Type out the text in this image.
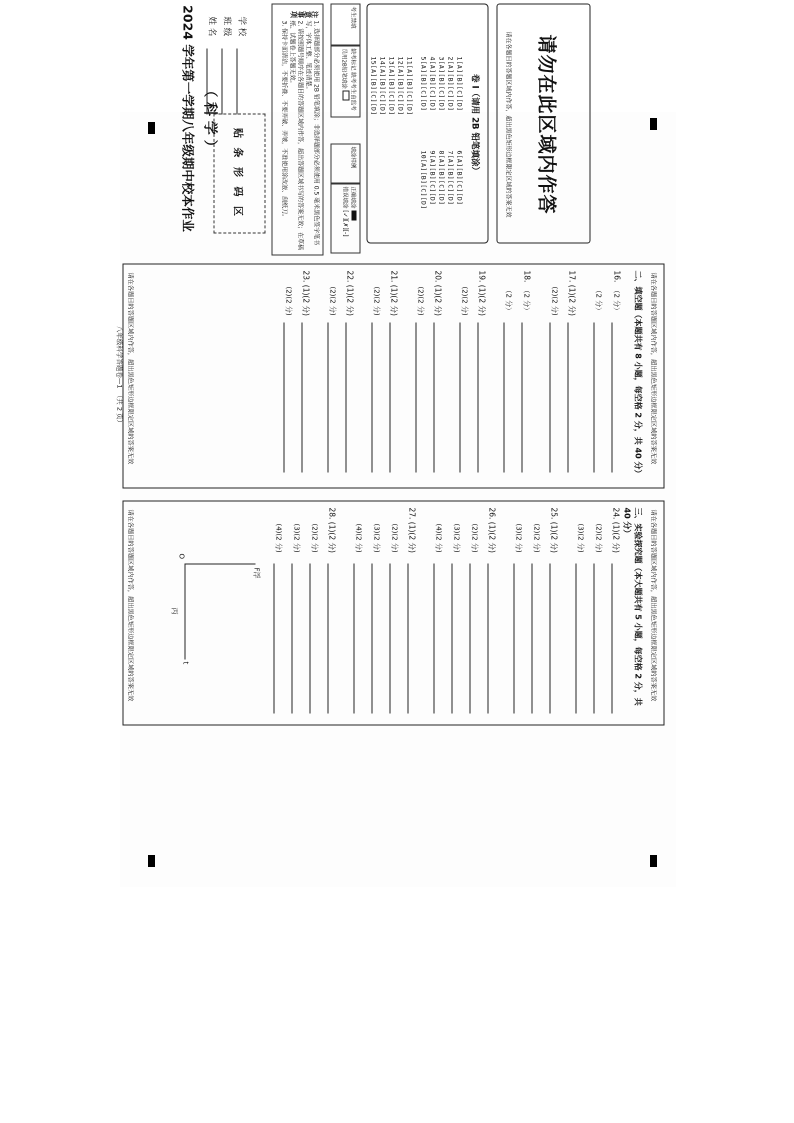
2024 学年第一学期八年级期中校本作业 （ 科 学 ）
学 校
班 级
姓 名
贴 条 形 码 区
注意事项
1. 选择题部分必须使用 2B 铅笔填涂；非选择题部分必须使用 0.5 毫米黑色签字笔书写，字体工整、笔迹清楚。
2. 请按照题号顺序在各题目的答题区域内作答，超出答题区域书写的答案无效；在草稿纸、试题卷上答题无效。
3. 保持卡面清洁，不要折叠、不要弄破、弄皱，不准使用涂改液、刮纸刀。
考生禁填
缺考标记 缺考考生由监考员用2B铅笔填涂
填涂样例
正确填涂
错误填涂 [✓][✗][-]
卷 Ⅰ（请用 2B 铅笔填涂）
1[A][B][C][D]
2[A][B][C][D]
3[A][B][C][D]
4[A][B][C][D]
5[A][B][C][D]
6[A][B][C][D]
7[A][B][C][D]
8[A][B][C][D]
9[A][B][C][D]
10[A][B][C][D]
11[A][B][C][D]
12[A][B][C][D]
13[A][B][C][D]
14[A][B][C][D]
15[A][B][C][D]	请勿在此区域内作答
请在各题目的答题区域内作答，超出黑色矩形边框限定区域的答案无效
请在各题目的答题区域内作答，超出黑色矩形边框限定区域的答案无效
二、填空题（本题共有 8 小题，每空格 2 分，共 40 分）
16.
（2 分）
（2 分）
17. (1)(2 分)
(2)(2 分)
18.
（2 分）
（2 分）
19. (1)(2 分)
(2)(2 分)
20. (1)(2 分)
(2)(2 分)
21. (1)(2 分)
(2)(2 分)
22. (1)(2 分)
(2)(2 分)
23. (1)(2 分)
(2)(2 分)
请在各题目的答题区域内作答，超出黑色矩形边框限定区域的答案无效
八年级科学答题卷—1　（共 2 页）
请在各题目的答题区域内作答，超出黑色矩形边框限定区域的答案无效
三、实验探究题（本大题共有 5 小题，每空格 2 分，共 40 分）
24. (1)(2 分)
(2)(2 分)
(3)(2 分)
25. (1)(2 分)
(2)(2 分)
(3)(2 分)
26. (1)(2 分)
(2)(2 分)
(3)(2 分)
(4)(2 分)
27. (1)(2 分)
(2)(2 分)
(3)(2 分)
(4)(2 分)
28. (1)(2 分)
(2)(2 分)
(3)(2 分)
(4)(2 分)
F浮
t
O
丙
请在各题目的答题区域内作答，超出黑色矩形边框限定区域的答案无效
